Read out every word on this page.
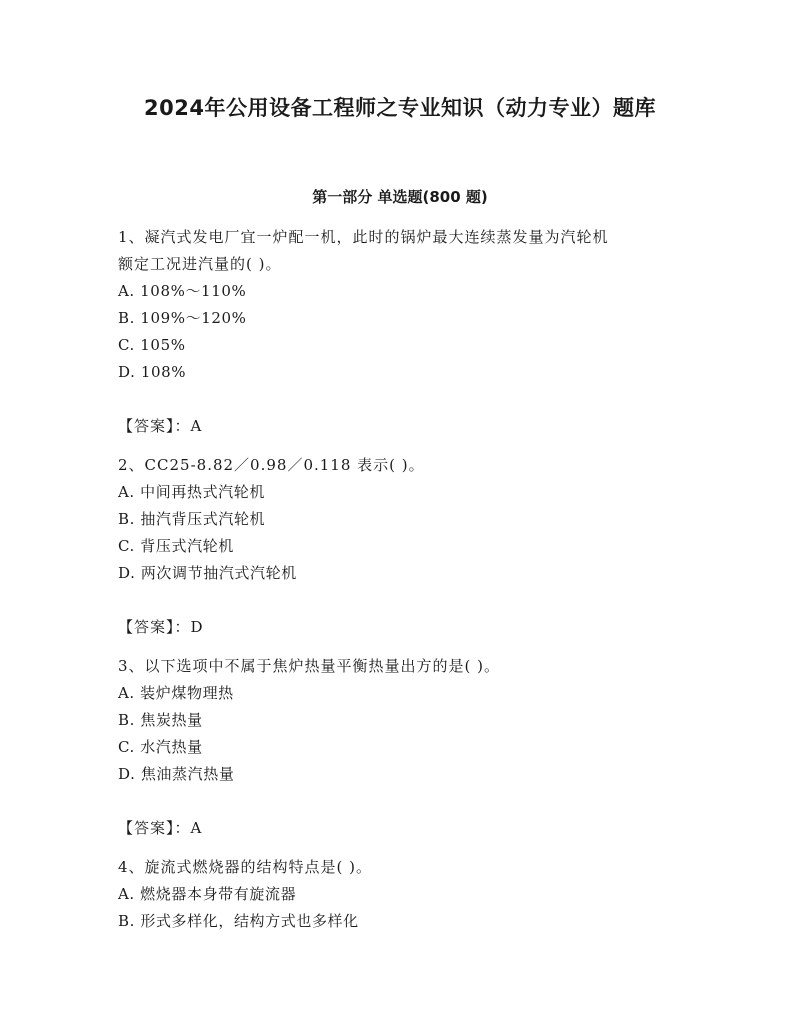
2024年公用设备工程师之专业知识（动力专业）题库
第一部分 单选题(800 题)
1、凝汽式发电厂宜一炉配一机，此时的锅炉最大连续蒸发量为汽轮机
额定工况进汽量的( )。
A. 108%～110%
B. 109%～120%
C. 105%
D. 108%
【答案】：A
2、CC25-8.82／0.98／0.118 表示( )。
A. 中间再热式汽轮机
B. 抽汽背压式汽轮机
C. 背压式汽轮机
D. 两次调节抽汽式汽轮机
【答案】：D
3、以下选项中不属于焦炉热量平衡热量出方的是( )。
A. 装炉煤物理热
B. 焦炭热量
C. 水汽热量
D. 焦油蒸汽热量
【答案】：A
4、旋流式燃烧器的结构特点是( )。
A. 燃烧器本身带有旋流器
B. 形式多样化，结构方式也多样化
